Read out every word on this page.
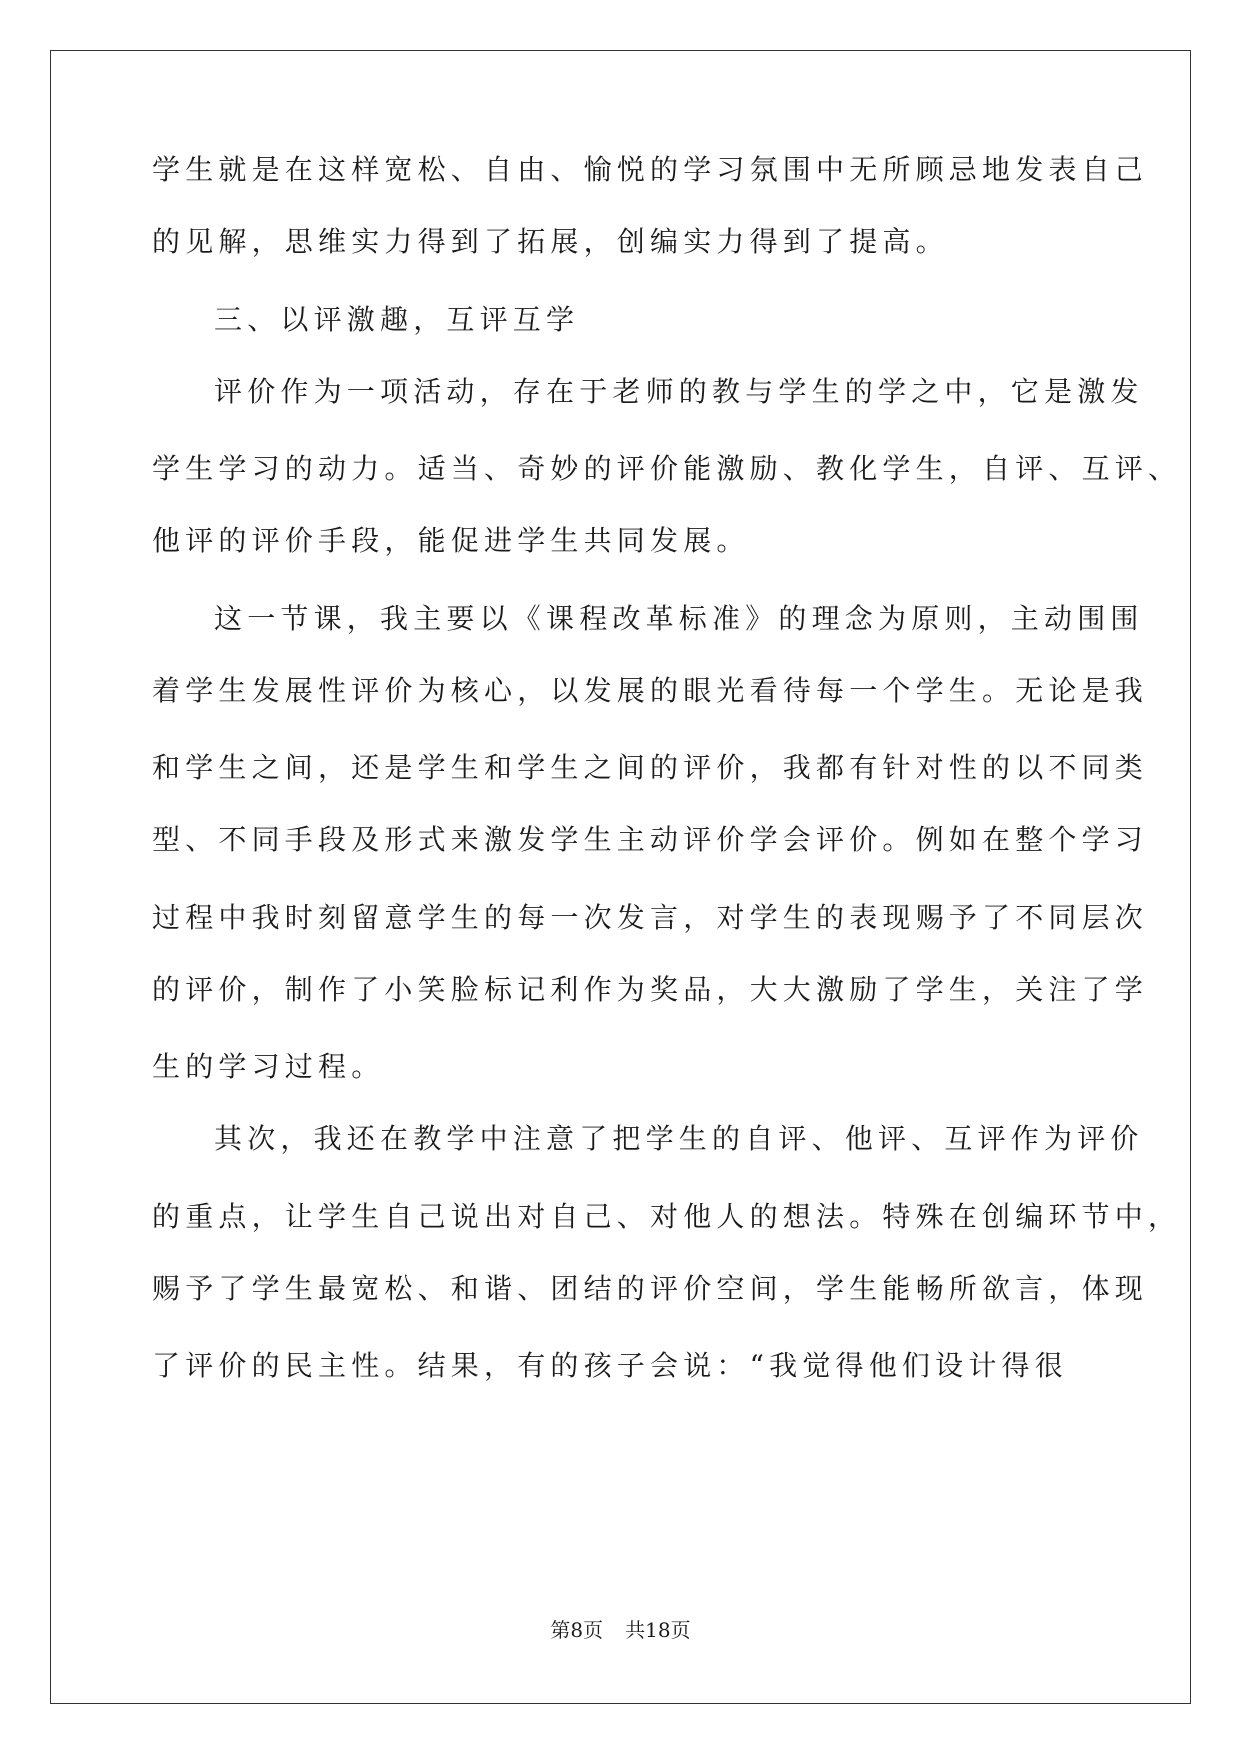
学生就是在这样宽松、自由、愉悦的学习氛围中无所顾忌地发表自己
的见解，思维实力得到了拓展，创编实力得到了提高。
三、以评激趣，互评互学
评价作为一项活动，存在于老师的教与学生的学之中，它是激发
学生学习的动力。适当、奇妙的评价能激励、教化学生，自评、互评、
他评的评价手段，能促进学生共同发展。
这一节课，我主要以《课程改革标准》的理念为原则，主动围围
着学生发展性评价为核心，以发展的眼光看待每一个学生。无论是我
和学生之间，还是学生和学生之间的评价，我都有针对性的以不同类
型、不同手段及形式来激发学生主动评价学会评价。例如在整个学习
过程中我时刻留意学生的每一次发言，对学生的表现赐予了不同层次
的评价，制作了小笑脸标记利作为奖品，大大激励了学生，关注了学
生的学习过程。
其次，我还在教学中注意了把学生的自评、他评、互评作为评价
的重点，让学生自己说出对自己、对他人的想法。特殊在创编环节中，
赐予了学生最宽松、和谐、团结的评价空间，学生能畅所欲言，体现
了评价的民主性。结果，有的孩子会说：“我觉得他们设计得很
第8页 共18页
